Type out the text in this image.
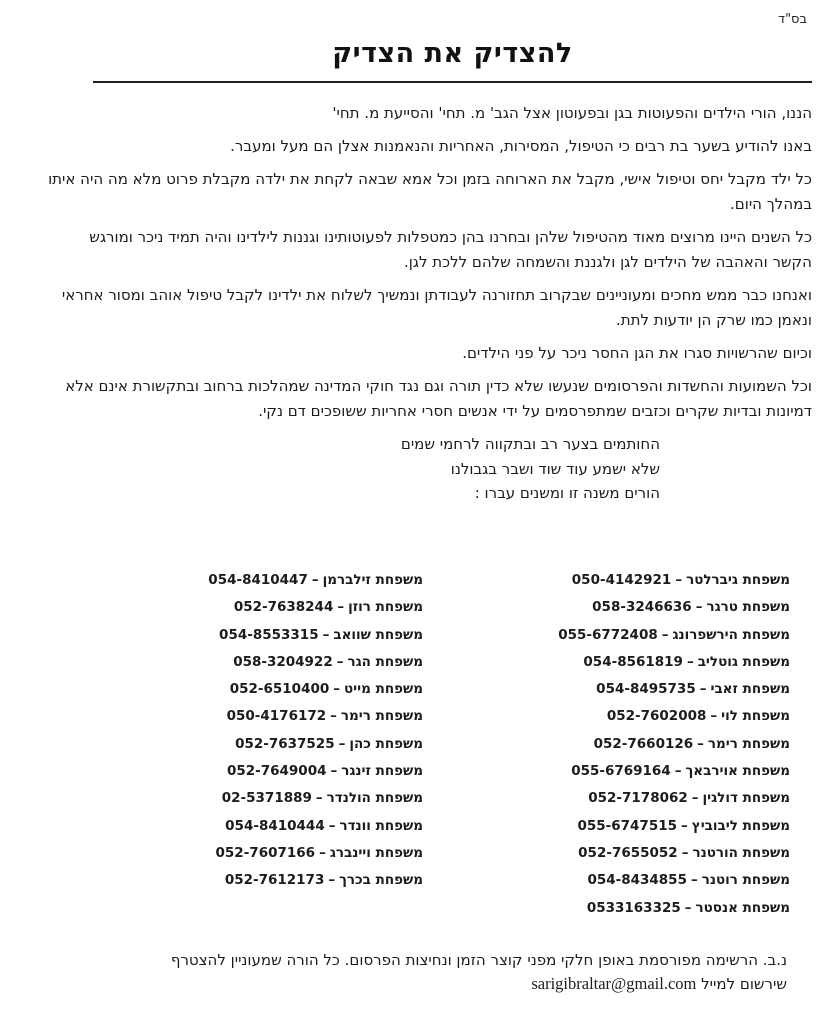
בס"ד
להצדיק את הצדיק

הננו, הורי הילדים והפעוטות בגן ובפעוטון אצל הגב' מ. תחי' והסייעת מ. תחי'

באנו להודיע בשער בת רבים כי הטיפול, המסירות, האחריות והנאמנות אצלן הם מעל ומעבר.

כל ילד מקבל יחס וטיפול אישי, מקבל את הארוחה בזמן וכל אמא שבאה לקחת את ילדה מקבלת פרוט מלא מה היה איתו במהלך היום.

כל השנים היינו מרוצים מאוד מהטיפול שלהן ובחרנו בהן כמטפלות לפעוטותינו וגננות לילדינו והיה תמיד ניכר ומורגש הקשר והאהבה של הילדים לגן ולגננת והשמחה שלהם ללכת לגן.

ואנחנו כבר ממש מחכים ומעוניינים שבקרוב תחזורנה לעבודתן ונמשיך לשלוח את ילדינו לקבל טיפול אוהב ומסור אחראי ונאמן כמו שרק הן יודעות לתת.

וכיום שהרשויות סגרו את הגן החסר ניכר על פני הילדים.

וכל השמועות והחשדות והפרסומים שנעשו שלא כדין תורה וגם נגד חוקי המדינה שמהלכות ברחוב ובתקשורת אינם אלא דמיונות ובדיות שקרים וכזבים שמתפרסמים על ידי אנשים חסרי אחריות ששופכים דם נקי.

החותמים בצער רב ובתקווה לרחמי שמים

שלא ישמע עוד שוד ושבר בגבולנו

הורים משנה זו ומשנים עברו :

משפחת גיברלטר–050-4142921
משפחת טרגר–058-3246636
משפחת הירשפרונג–055-6772408
משפחת גוטליב–054-8561819
משפחת זאבי–054-8495735
משפחת לוי–052-7602008
משפחת רימר–052-7660126
משפחת אוירבאך–055-6769164
משפחת דולגין–052-7178062
משפחת ליבוביץ–055-6747515
משפחת הורטנר–052-7655052
משפחת רוטנר–054-8434855
משפחת אנסטר–0533163325
משפחת זילברמן–054-8410447
משפחת רוזן–052-7638244
משפחת שוואב–054-8553315
משפחת הגר–058-3204922
משפחת מייט–052-6510400
משפחת רימר–050-4176172
משפחת כהן–052-7637525
משפחת זינגר–052-7649004
משפחת הולנדר–02-5371889
משפחת וונדר–054-8410444
משפחת ויינברג–052-7607166
משפחת בכרך–052-7612173

נ.ב. הרשימה מפורסמת באופן חלקי מפני קוצר הזמן ונחיצות הפרסום. כל הורה שמעוניין להצטרף

שירשום למייל sarigibraltar@gmail.com
